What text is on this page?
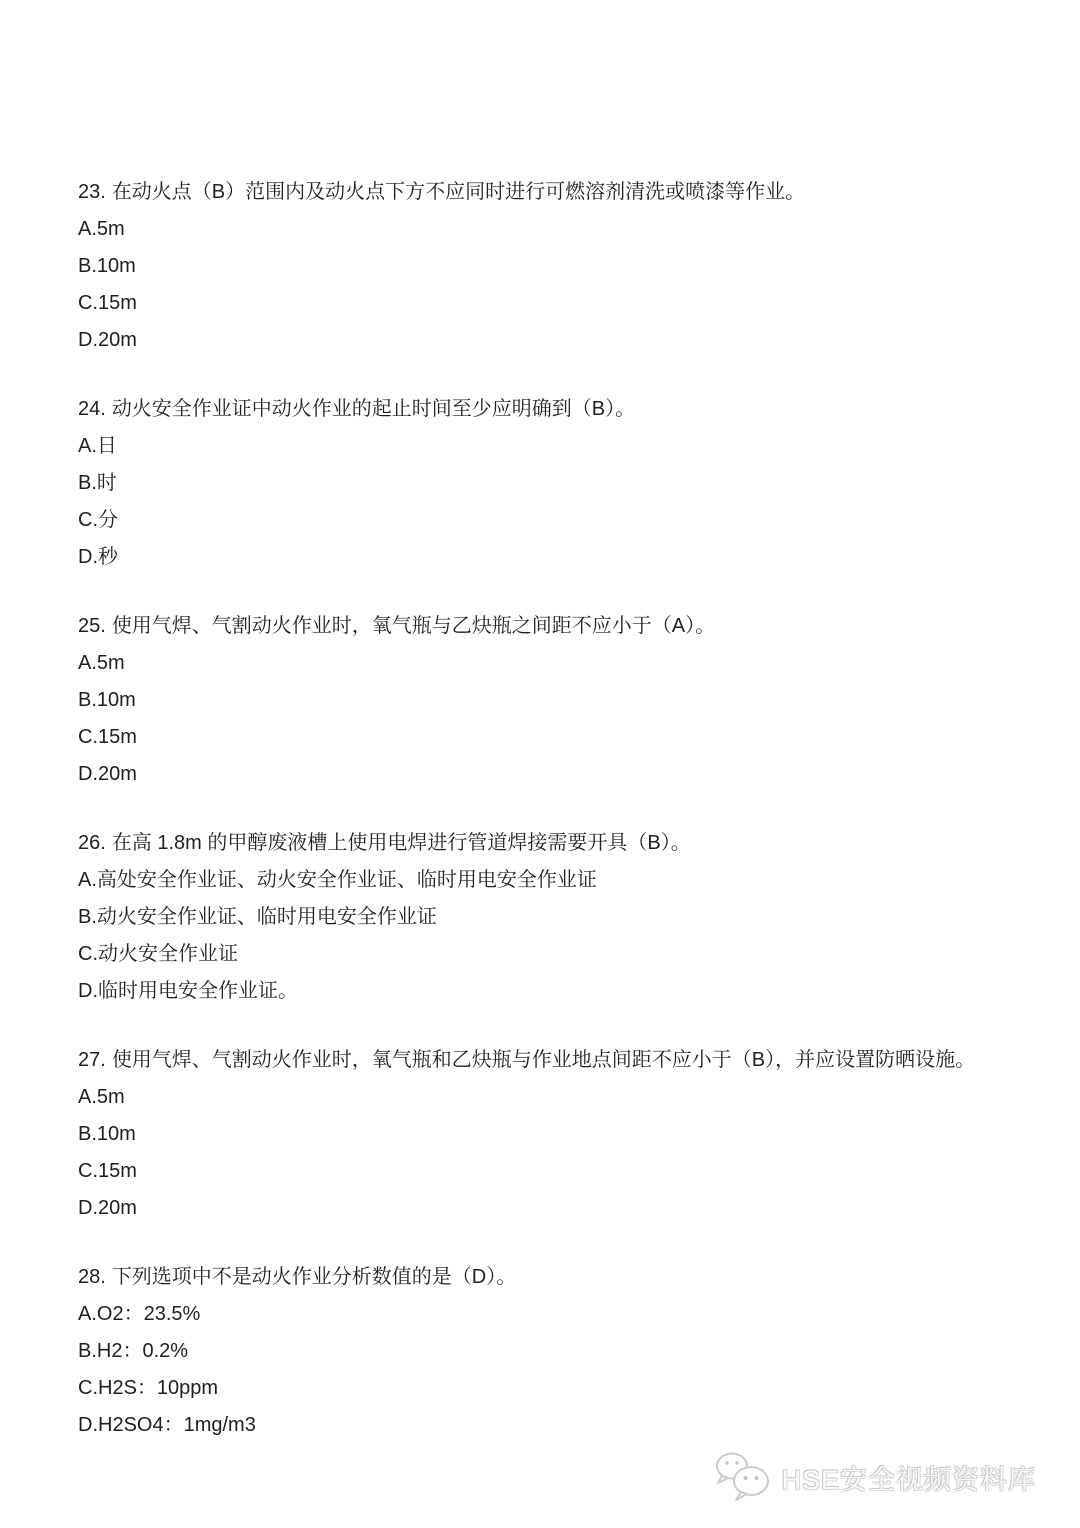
23. 在动火点（B）范围内及动火点下方不应同时进行可燃溶剂清洗或喷漆等作业。
A.5m
B.10m
C.15m
D.20m
24. 动火安全作业证中动火作业的起止时间至少应明确到（B）。
A.日
B.时
C.分
D.秒
25. 使用气焊、气割动火作业时，氧气瓶与乙炔瓶之间距不应小于（A）。
A.5m
B.10m
C.15m
D.20m
26. 在高 1.8m 的甲醇废液槽上使用电焊进行管道焊接需要开具（B）。
A.高处安全作业证、动火安全作业证、临时用电安全作业证
B.动火安全作业证、临时用电安全作业证
C.动火安全作业证
D.临时用电安全作业证。
27. 使用气焊、气割动火作业时，氧气瓶和乙炔瓶与作业地点间距不应小于（B），并应设置防晒设施。
A.5m
B.10m
C.15m
D.20m
28. 下列选项中不是动火作业分析数值的是（D）。
A.O2：23.5%
B.H2：0.2%
C.H2S：10ppm
D.H2SO4：1mg/m3
HSE安全视频资料库
